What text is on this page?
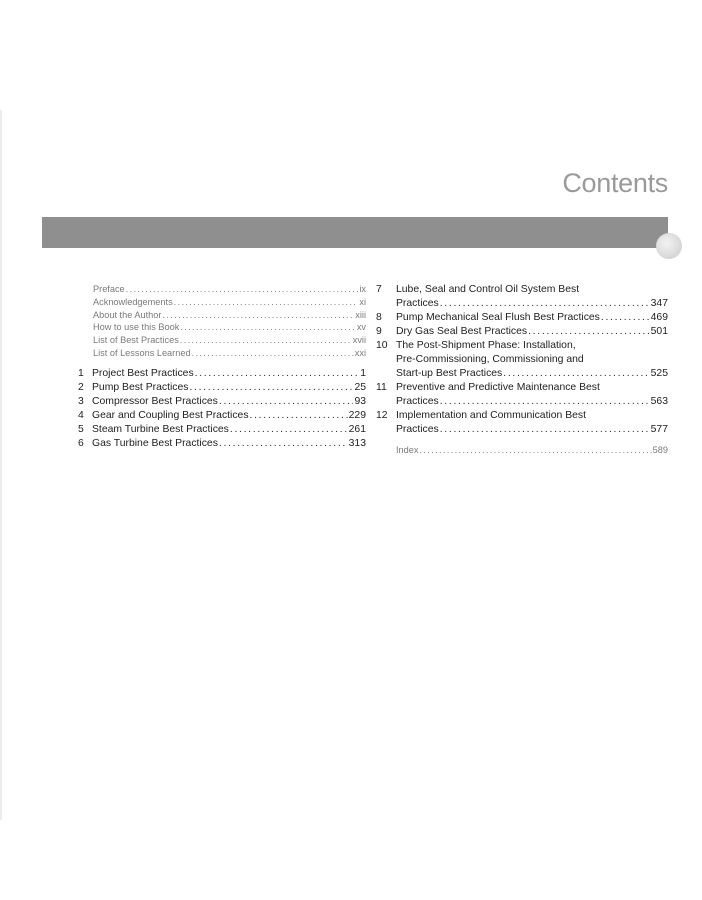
Contents
Preface . . .	ix
Acknowledgements . . .	xi
About the Author . . .	xiii
How to use this Book . . .	xv
List of Best Practices . . .	xvii
List of Lessons Learned . . .	xxi
1 Project Best Practices . . .	1
2 Pump Best Practices . . .	25
3 Compressor Best Practices . . .	93
4 Gear and Coupling Best Practices . . .	229
5 Steam Turbine Best Practices . . .	261
6 Gas Turbine Best Practices . . .	313
7	Lube, Seal and Control Oil System Best
Practices . . .	347
8	Pump Mechanical Seal Flush Best Practices . . .	469
9	Dry Gas Seal Best Practices . . .	501
10 The Post-Shipment Phase: Installation,
Pre-Commissioning, Commissioning and
Start-up Best Practices . . .	525
11 Preventive and Predictive Maintenance Best
Practices . . .	563
12 Implementation and Communication Best
Practices . . .	577
Index . . .	589
